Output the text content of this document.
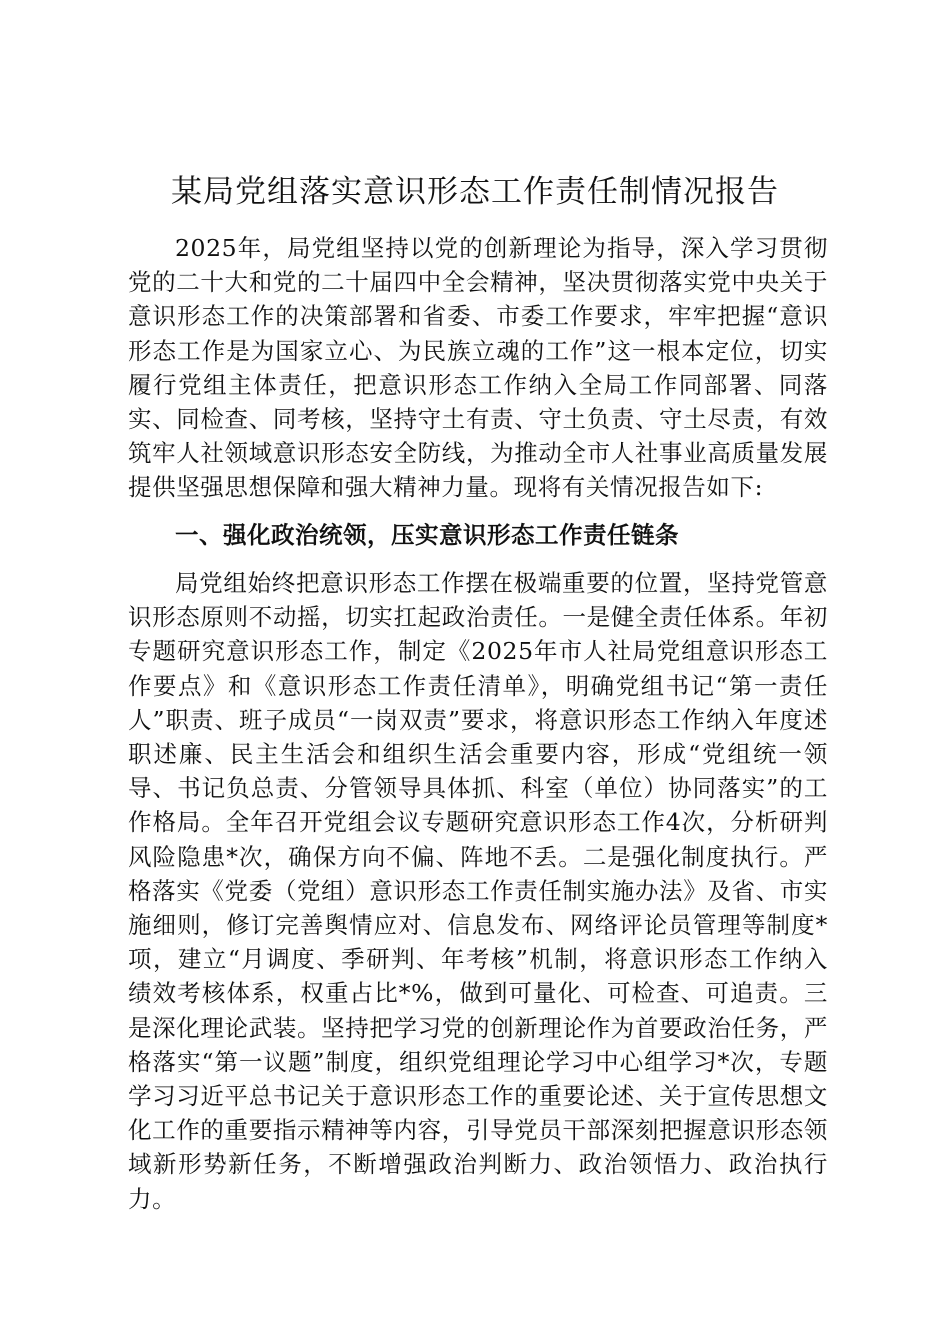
某局党组落实意识形态工作责任制情况报告

2025年，局党组坚持以党的创新理论为指导，深入学习贯彻党的二十大和党的二十届四中全会精神，坚决贯彻落实党中央关于意识形态工作的决策部署和省委、市委工作要求，牢牢把握“意识形态工作是为国家立心、为民族立魂的工作”这一根本定位，切实履行党组主体责任，把意识形态工作纳入全局工作同部署、同落实、同检查、同考核，坚持守土有责、守土负责、守土尽责，有效筑牢人社领域意识形态安全防线，为推动全市人社事业高质量发展提供坚强思想保障和强大精神力量。现将有关情况报告如下:

一、强化政治统领，压实意识形态工作责任链条

局党组始终把意识形态工作摆在极端重要的位置，坚持党管意识形态原则不动摇，切实扛起政治责任。一是健全责任体系。年初专题研究意识形态工作，制定《2025年市人社局党组意识形态工作要点》和《意识形态工作责任清单》，明确党组书记“第一责任人”职责、班子成员“一岗双责”要求，将意识形态工作纳入年度述职述廉、民主生活会和组织生活会重要内容，形成“党组统一领导、书记负总责、分管领导具体抓、科室（单位）协同落实”的工作格局。全年召开党组会议专题研究意识形态工作4次，分析研判风险隐患*次，确保方向不偏、阵地不丢。二是强化制度执行。严格落实《党委（党组）意识形态工作责任制实施办法》及省、市实施细则，修订完善舆情应对、信息发布、网络评论员管理等制度*项，建立“月调度、季研判、年考核”机制，将意识形态工作纳入绩效考核体系，权重占比*%，做到可量化、可检查、可追责。三是深化理论武装。坚持把学习党的创新理论作为首要政治任务，严格落实“第一议题”制度，组织党组理论学习中心组学习*次，专题学习习近平总书记关于意识形态工作的重要论述、关于宣传思想文化工作的重要指示精神等内容，引导党员干部深刻把握意识形态领域新形势新任务，不断增强政治判断力、政治领悟力、政治执行力。
